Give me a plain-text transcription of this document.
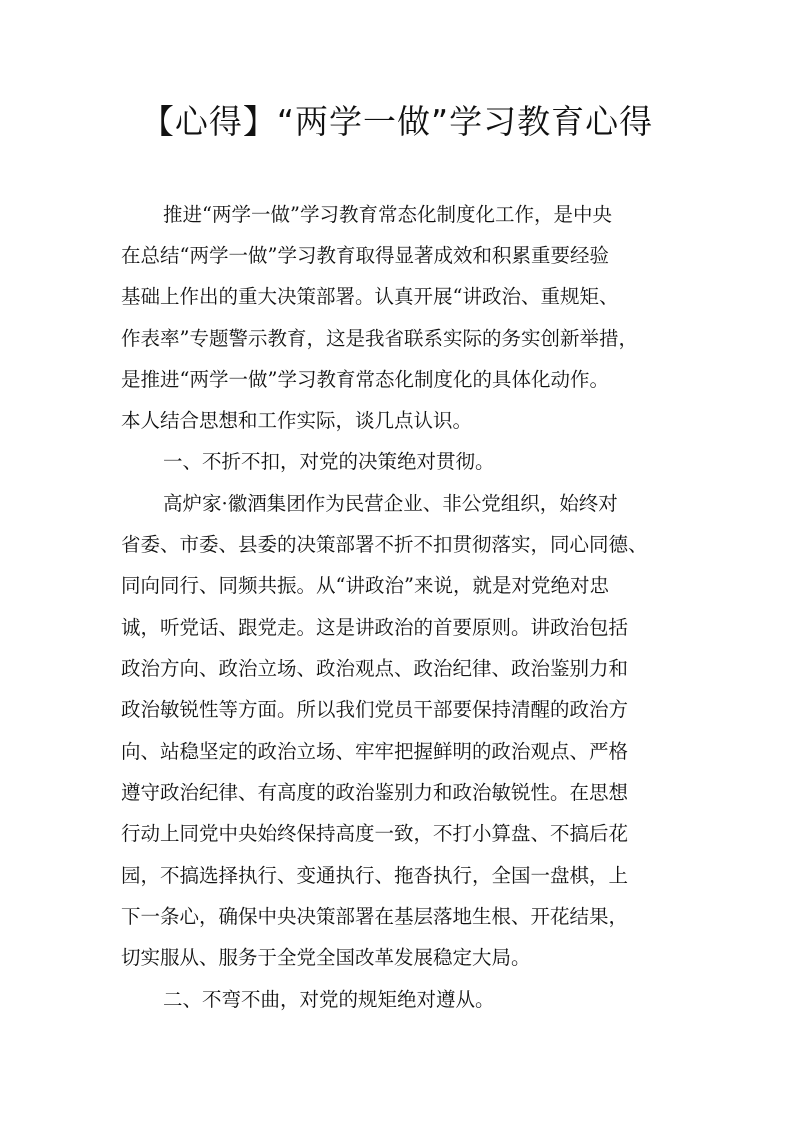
【心得】“两学一做”学习教育心得
推进“两学一做”学习教育常态化制度化工作，是中央
在总结“两学一做”学习教育取得显著成效和积累重要经验
基础上作出的重大决策部署。认真开展“讲政治、重规矩、
作表率”专题警示教育，这是我省联系实际的务实创新举措，
是推进“两学一做”学习教育常态化制度化的具体化动作。
本人结合思想和工作实际，谈几点认识。
一、不折不扣，对党的决策绝对贯彻。
高炉家·徽酒集团作为民营企业、非公党组织，始终对
省委、市委、县委的决策部署不折不扣贯彻落实，同心同德、
同向同行、同频共振。从“讲政治”来说，就是对党绝对忠
诚，听党话、跟党走。这是讲政治的首要原则。讲政治包括
政治方向、政治立场、政治观点、政治纪律、政治鉴别力和
政治敏锐性等方面。所以我们党员干部要保持清醒的政治方
向、站稳坚定的政治立场、牢牢把握鲜明的政治观点、严格
遵守政治纪律、有高度的政治鉴别力和政治敏锐性。在思想
行动上同党中央始终保持高度一致，不打小算盘、不搞后花
园，不搞选择执行、变通执行、拖沓执行，全国一盘棋，上
下一条心，确保中央决策部署在基层落地生根、开花结果，
切实服从、服务于全党全国改革发展稳定大局。
二、不弯不曲，对党的规矩绝对遵从。
